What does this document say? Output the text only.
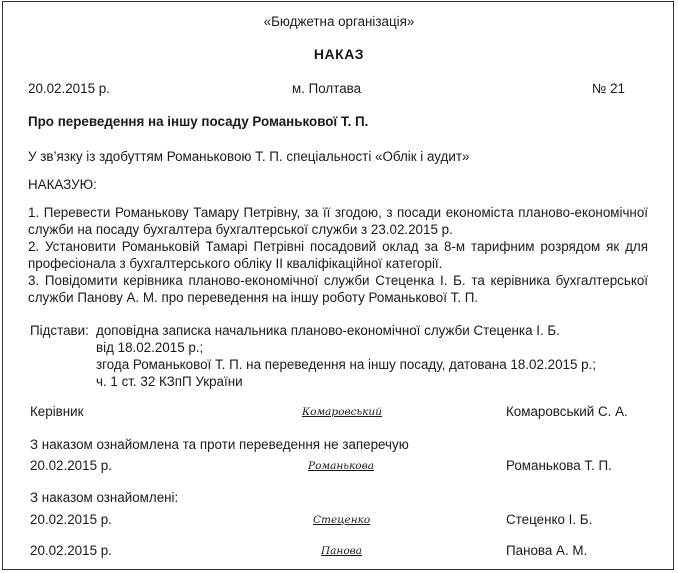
«Бюджетна організація»
НАКАЗ
20.02.2015 р.	м. Полтава	№ 21
Про переведення на іншу посаду Романькової Т. П.
У зв’язку із здобуттям Романьковою Т. П. спеціальності «Облік і аудит»
НАКАЗУЮ:
1. Перевести Романькову Тамару Петрівну, за її згодою, з посади економіста планово-економічної служби на посаду бухгалтера бухгалтерської служби з 23.02.2015 р.
2. Установити Романьковій Тамарі Петрівні посадовий оклад за 8-м тарифним розрядом як для професіонала з бухгалтерського обліку ІІ кваліфікаційної категорії.
3. Повідомити керівника планово-економічної служби Стеценка І. Б. та керівника бухгалтерської служби Панову А. М. про переведення на іншу роботу Романькової Т. П.
Підстави: доповідна записка начальника планово-економічної служби Стеценка І. Б.
від 18.02.2015 р.;
згода Романькової Т. П. на переведення на іншу посаду, датована 18.02.2015 р.;
ч. 1 ст. 32 КЗпП України
Керівник	Комаровський	Комаровський С. А.
З наказом ознайомлена та проти переведення не заперечую
20.02.2015 р.	Романькова	Романькова Т. П.
З наказом ознайомлені:
20.02.2015 р.	Стеценко	Стеценко І. Б.
20.02.2015 р.	Панова	Панова А. М.
